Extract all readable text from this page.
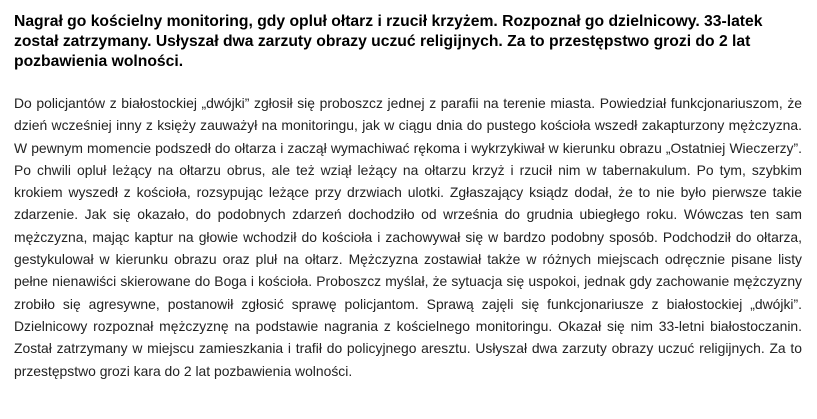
Nagrał go kościelny monitoring, gdy opluł ołtarz i rzucił krzyżem. Rozpoznał go dzielnicowy. 33-latek został zatrzymany. Usłyszał dwa zarzuty obrazy uczuć religijnych. Za to przestępstwo grozi do 2 lat pozbawienia wolności.

Do policjantów z białostockiej „dwójki” zgłosił się proboszcz jednej z parafii na terenie miasta. Powiedział funkcjonariuszom, że dzień wcześniej inny z księży zauważył na monitoringu, jak w ciągu dnia do pustego kościoła wszedł zakapturzony mężczyzna. W pewnym momencie podszedł do ołtarza i zaczął wymachiwać rękoma i wykrzykiwał w kierunku obrazu „Ostatniej Wieczerzy”. Po chwili opluł leżący na ołtarzu obrus, ale też wziął leżący na ołtarzu krzyż i rzucił nim w tabernakulum. Po tym, szybkim krokiem wyszedł z kościoła, rozsypując leżące przy drzwiach ulotki. Zgłaszający ksiądz dodał, że to nie było pierwsze takie zdarzenie. Jak się okazało, do podobnych zdarzeń dochodziło od września do grudnia ubiegłego roku. Wówczas ten sam mężczyzna, mając kaptur na głowie wchodził do kościoła i zachowywał się w bardzo podobny sposób. Podchodził do ołtarza, gestykulował w kierunku obrazu oraz pluł na ołtarz. Mężczyzna zostawiał także w różnych miejscach odręcznie pisane listy pełne nienawiści skierowane do Boga i kościoła. Proboszcz myślał, że sytuacja się uspokoi, jednak gdy zachowanie mężczyzny zrobiło się agresywne, postanowił zgłosić sprawę policjantom. Sprawą zajęli się funkcjonariusze z białostockiej „dwójki”. Dzielnicowy rozpoznał mężczyznę na podstawie nagrania z kościelnego monitoringu. Okazał się nim 33-letni białostoczanin. Został zatrzymany w miejscu zamieszkania i trafił do policyjnego aresztu. Usłyszał dwa zarzuty obrazy uczuć religijnych. Za to przestępstwo grozi kara do 2 lat pozbawienia wolności.
